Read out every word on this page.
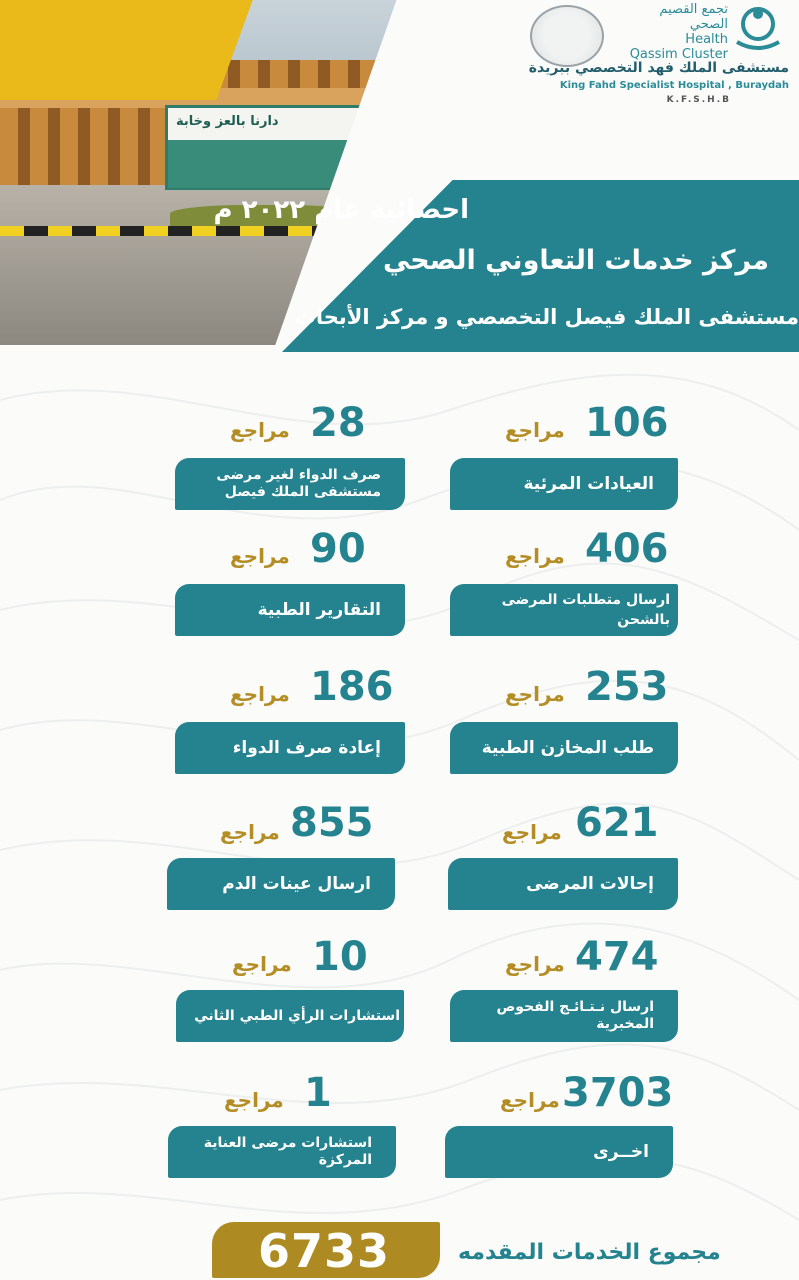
دارنا بالعز وخابة
تجمع القصيم الصحي
Health
Qassim Cluster
مستشفى الملك فهد التخصصي ببريدة
King Fahd Specialist Hospital , Buraydah
K.F.S.H.B
احصائية عام ٢٠٢٢ م
مركز خدمات التعاوني الصحي
مستشفى الملك فيصل التخصصي و مركز الأبحاث
106
مراجع
العيادات المرئية
28
مراجع
صرف الدواء لغير مرضى مستشفى الملك فيصل
406
مراجع
ارسال متطلبات المرضى بالشحن
90
مراجع
التقارير الطبية
253
مراجع
طلب المخازن الطبية
186
مراجع
إعادة صرف الدواء
621
مراجع
إحالات المرضى
855
مراجع
ارسال عينات الدم
474
مراجع
ارسال نـتـائـج الفحوص المخبرية
10
مراجع
استشارات الرأي الطبي الثاني
3703
مراجع
اخــرى
1
مراجع
استشارات مرضى العناية المركزة
6733	مجموع الخدمات المقدمه
